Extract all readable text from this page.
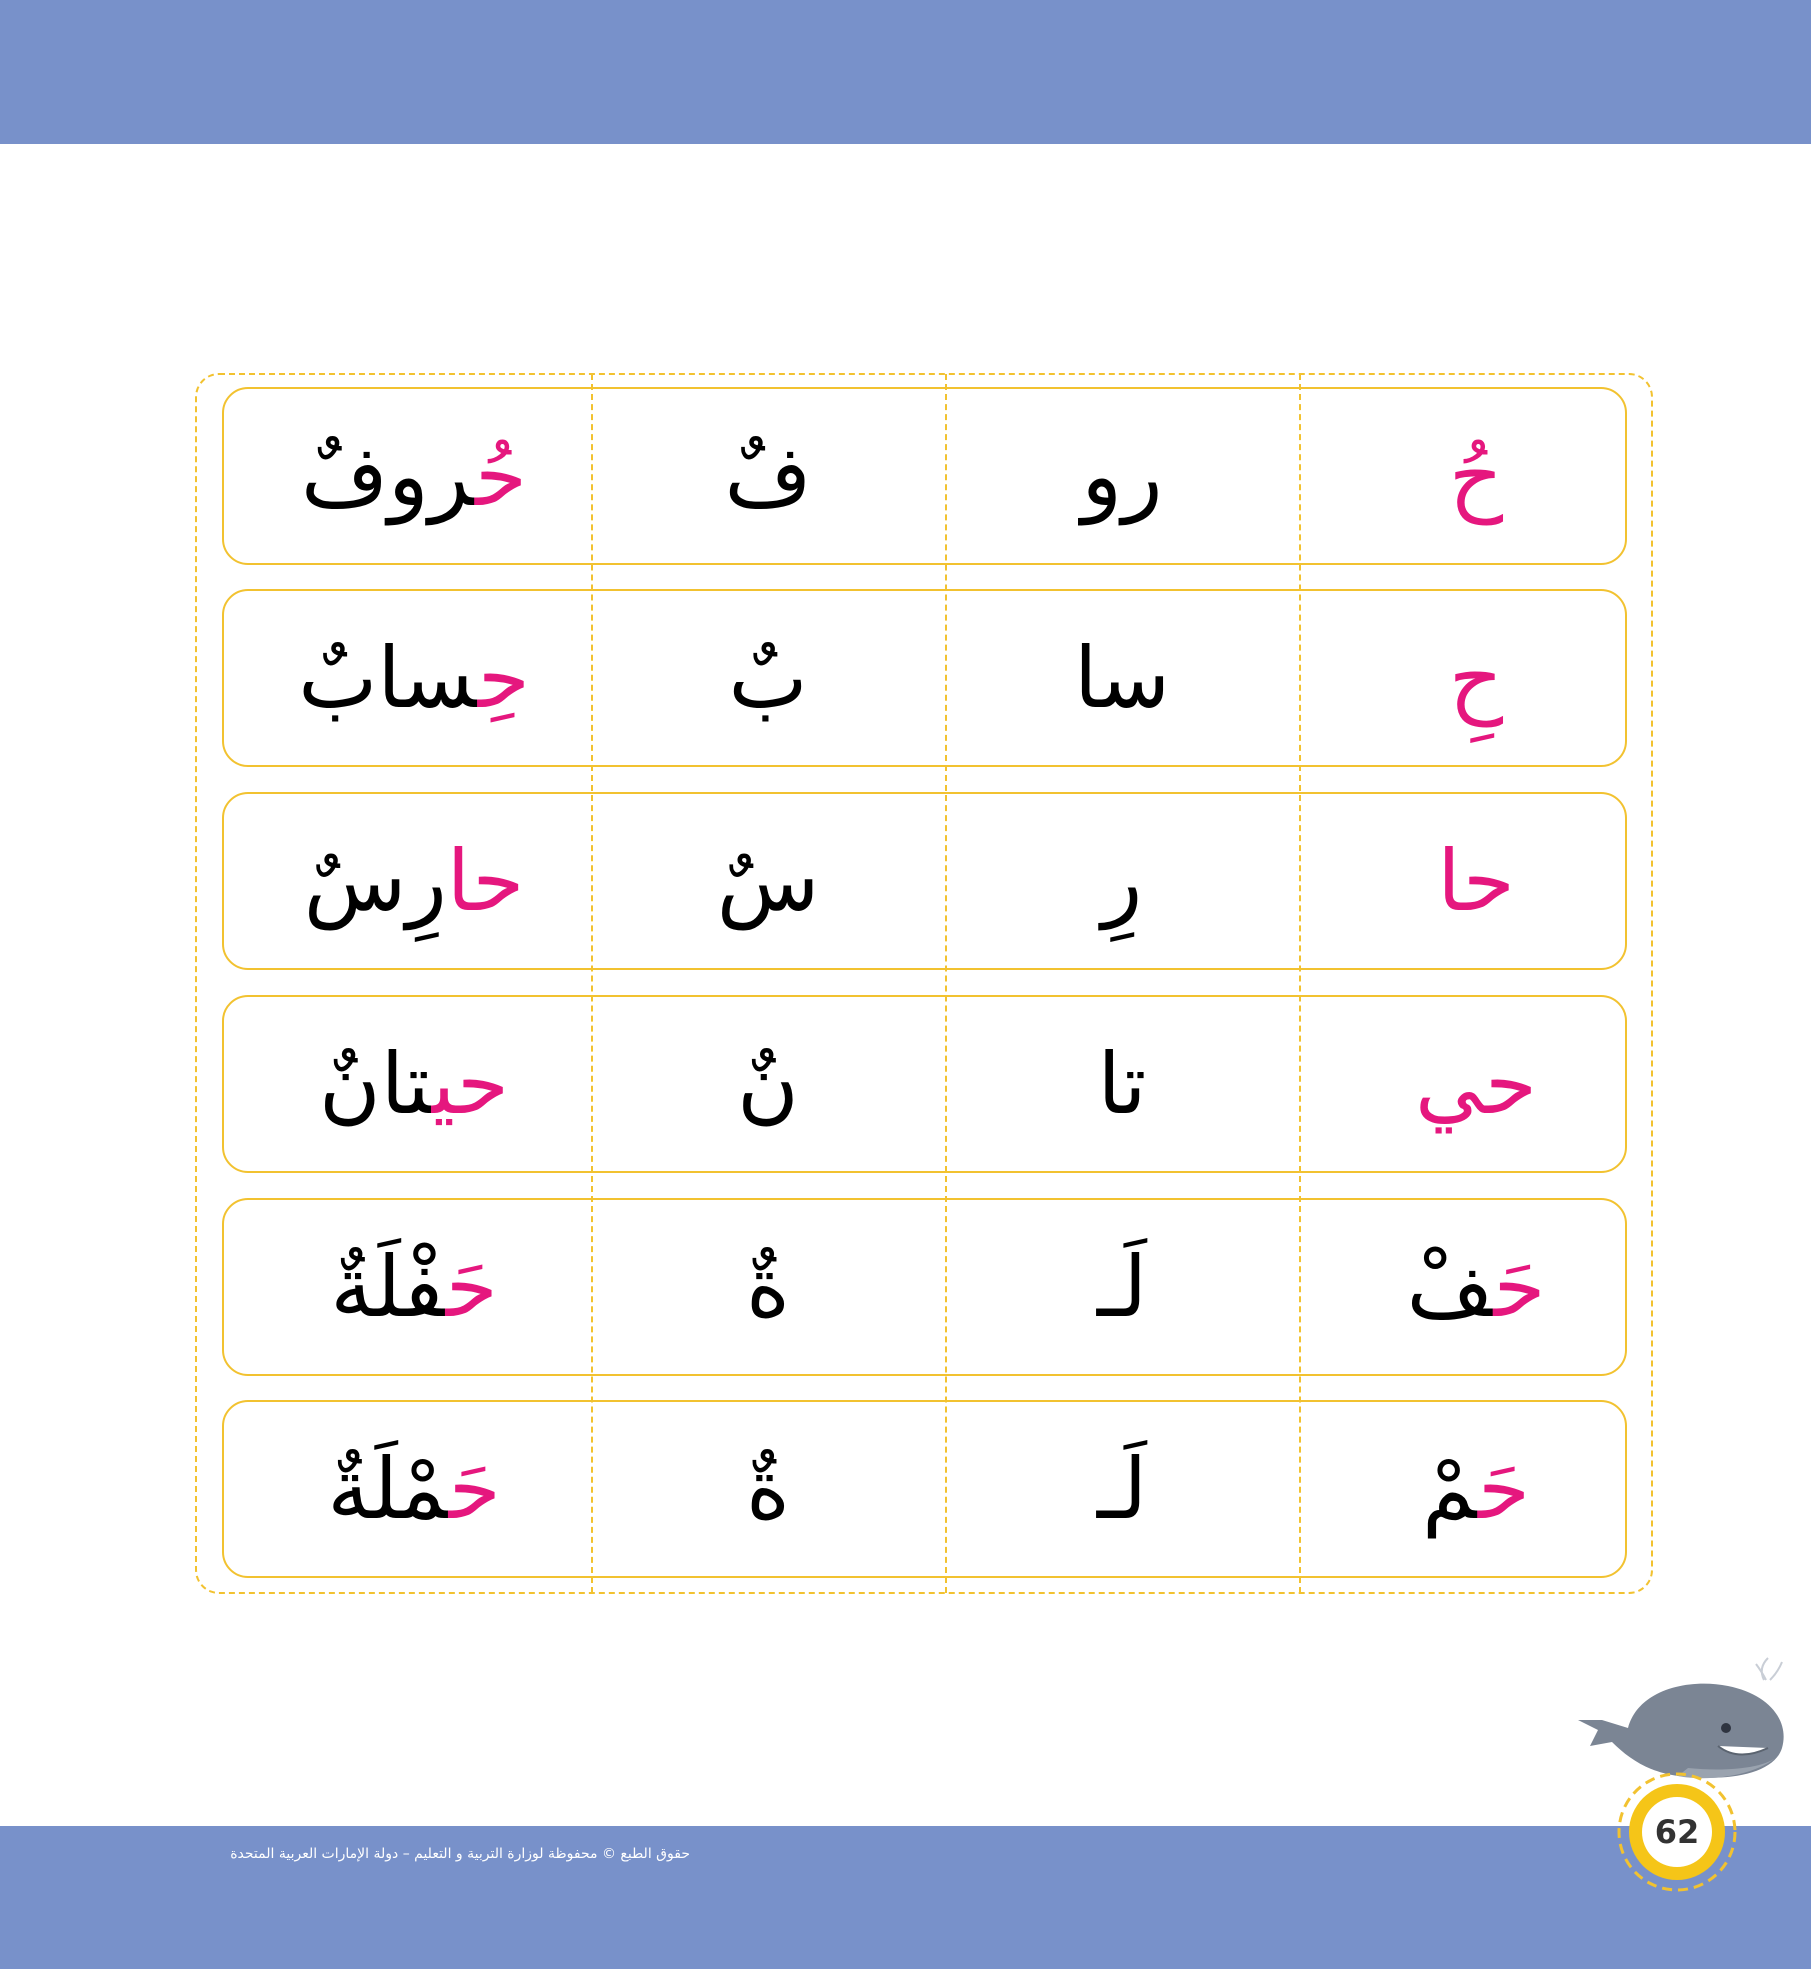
حُ
رو
فٌ
حُروفٌ
حِ
سا
بٌ
حِسابٌ
حا
رِ
سٌ
حارِسٌ
حي
تا
نٌ
حيتانٌ
حَفْ
لَـ
ةٌ
حَفْلَةٌ
حَمْ
لَـ
ةٌ
حَمْلَةٌ
حقوق الطبع © محفوظة لوزارة التربية و التعليم – دولة الإمارات العربية المتحدة
62
